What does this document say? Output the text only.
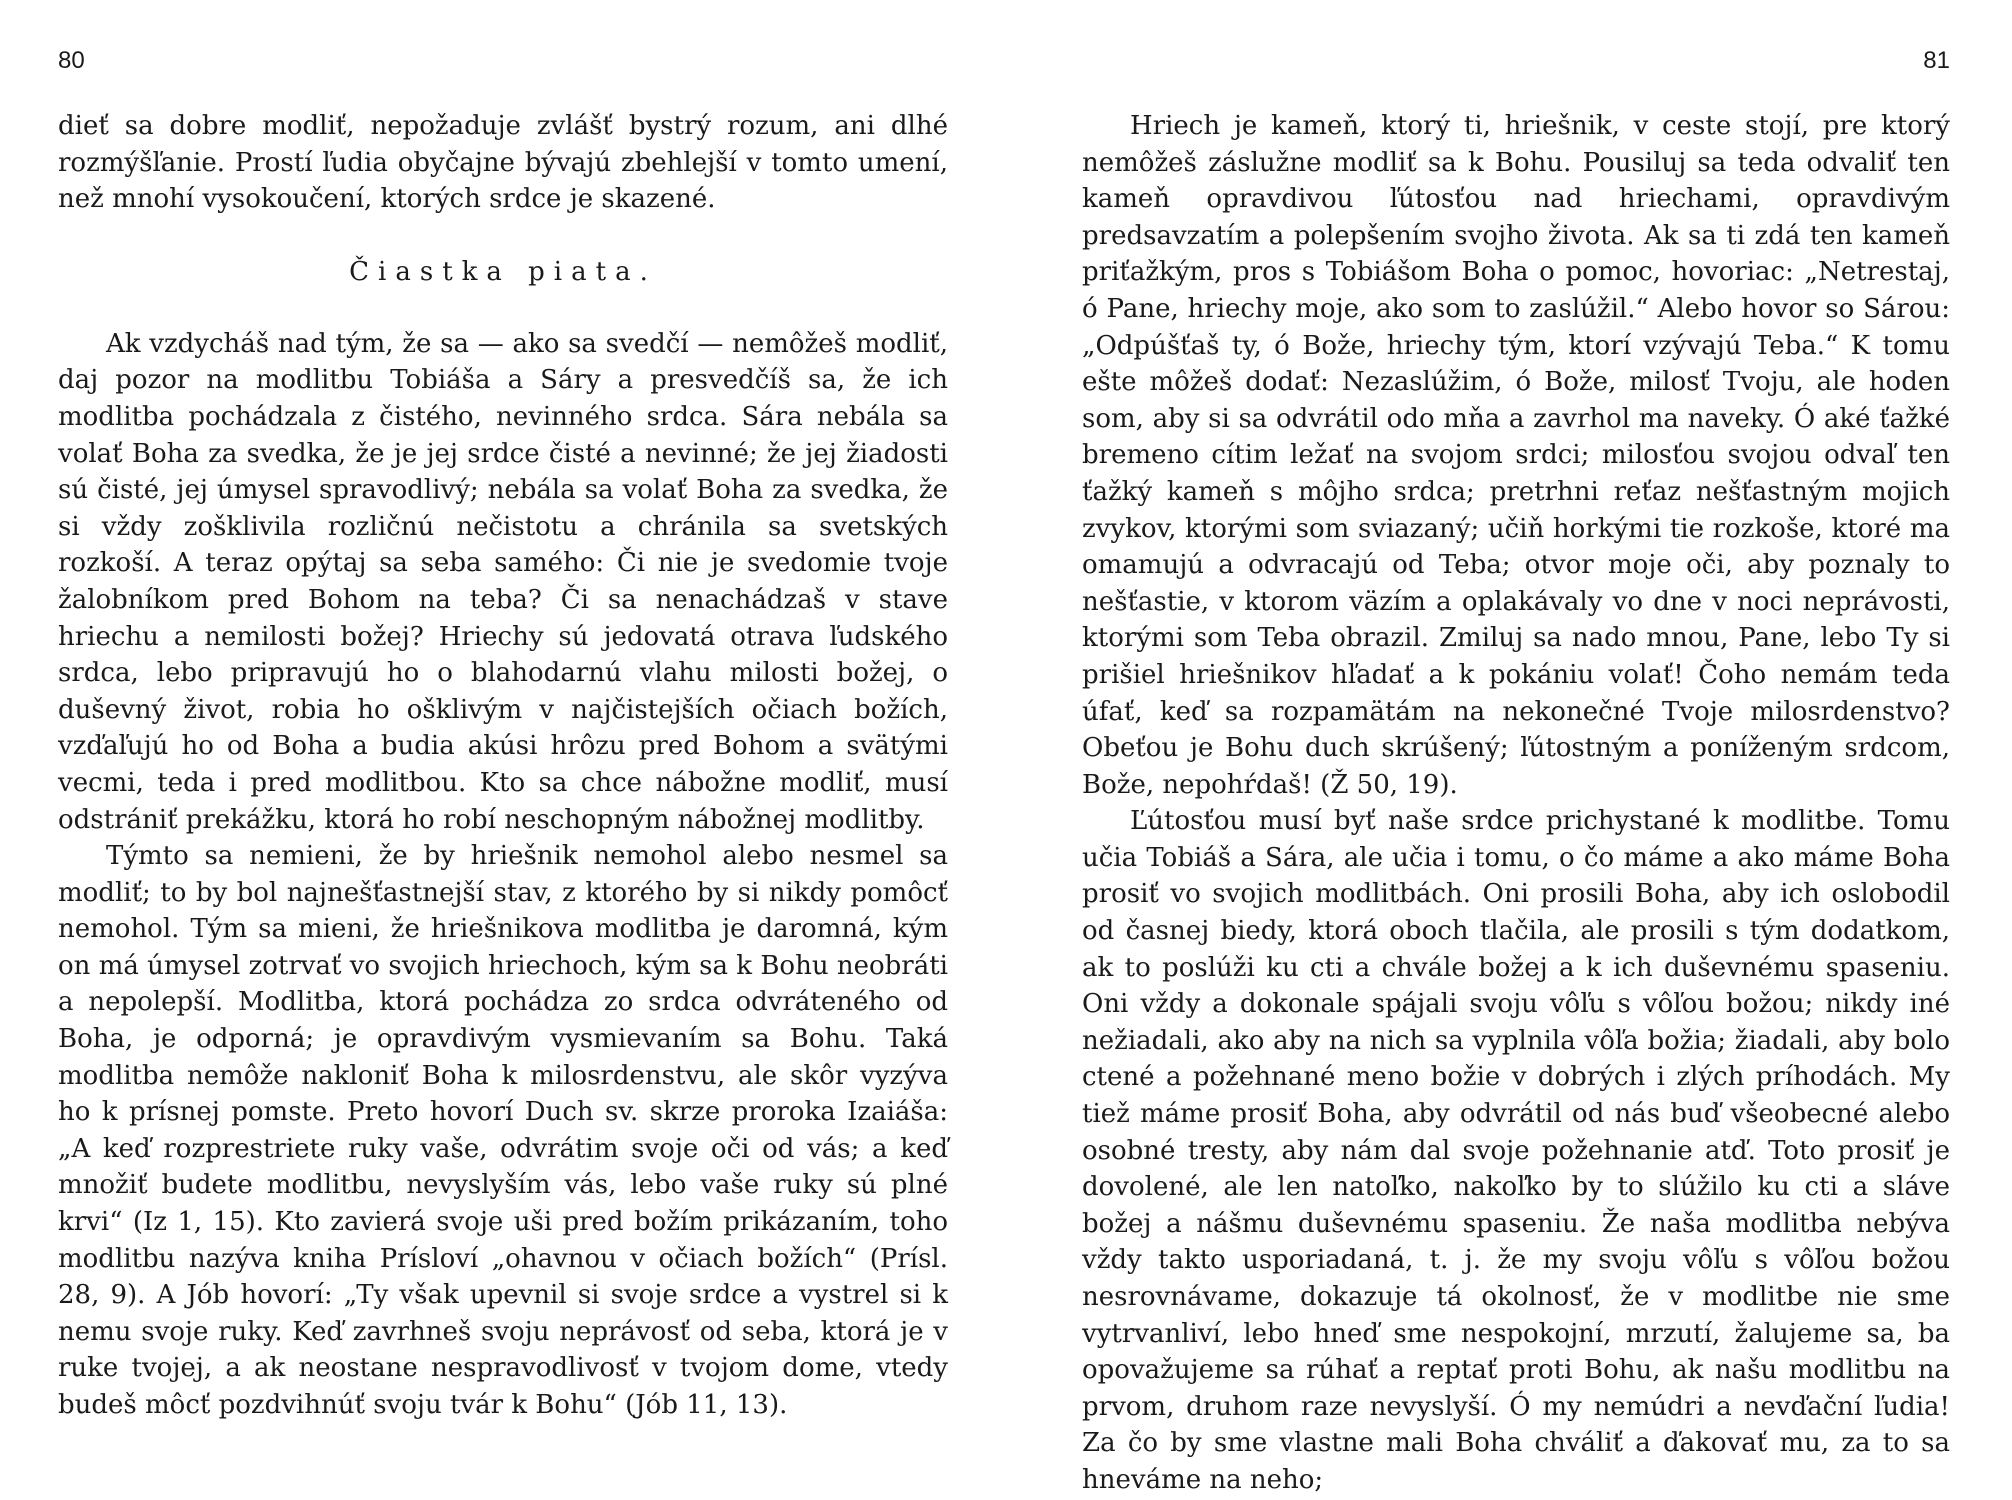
80

dieť sa dobre modliť, nepožaduje zvlášť bystrý rozum, ani dlhé rozmýšľanie. Prostí ľudia obyčajne bývajú zbehlejší v tomto umení, než mnohí vysokoučení, ktorých srdce je skazené.

Čiastka piata.

Ak vzdycháš nad tým, že sa — ako sa svedčí — nemôžeš modliť, daj pozor na modlitbu Tobiáša a Sáry a presvedčíš sa, že ich modlitba pochádzala z čistého, nevinného srdca. Sára nebála sa volať Boha za svedka, že je jej srdce čisté a nevinné; že jej žiadosti sú čisté, jej úmysel spravodlivý; nebála sa volať Boha za svedka, že si vždy zošklivila rozličnú nečistotu a chránila sa svetských rozkoší. A teraz opýtaj sa seba samého: Či nie je svedomie tvoje žalobníkom pred Bohom na teba? Či sa nenachádzaš v stave hriechu a nemilosti božej? Hriechy sú jedovatá otrava ľudského srdca, lebo pripravujú ho o blahodarnú vlahu milosti božej, o duševný život, robia ho ošklivým v najčistejších očiach božích, vzďaľujú ho od Boha a budia akúsi hrôzu pred Bohom a svätými vecmi, teda i pred modlitbou. Kto sa chce nábožne modliť, musí odstrániť prekážku, ktorá ho robí neschopným nábožnej modlitby.

Týmto sa nemieni, že by hriešnik nemohol alebo nesmel sa modliť; to by bol najnešťastnejší stav, z ktorého by si nikdy pomôcť nemohol. Tým sa mieni, že hriešnikova modlitba je daromná, kým on má úmysel zotrvať vo svojich hriechoch, kým sa k Bohu neobráti a nepolepší. Modlitba, ktorá pochádza zo srdca odvráteného od Boha, je odporná; je opravdivým vysmievaním sa Bohu. Taká modlitba nemôže nakloniť Boha k milosrdenstvu, ale skôr vyzýva ho k prísnej pomste. Preto hovorí Duch sv. skrze proroka Izaiáša: „A keď rozprestriete ruky vaše, odvrátim svoje oči od vás; a keď množiť budete modlitbu, nevyslyším vás, lebo vaše ruky sú plné krvi“ (Iz 1, 15). Kto zavierá svoje uši pred božím prikázaním, toho modlitbu nazýva kniha Prísloví „ohavnou v očiach božích“ (Prísl. 28, 9). A Jób hovorí: „Ty však upevnil si svoje srdce a vystrel si k nemu svoje ruky. Keď zavrhneš svoju neprávosť od seba, ktorá je v ruke tvojej, a ak neostane nespravodlivosť v tvojom dome, vtedy budeš môcť pozdvihnúť svoju tvár k Bohu“ (Jób 11, 13).

81

Hriech je kameň, ktorý ti, hriešnik, v ceste stojí, pre ktorý nemôžeš záslužne modliť sa k Bohu. Pousiluj sa teda odvaliť ten kameň opravdivou ľútosťou nad hriechami, opravdivým predsavzatím a polepšením svojho života. Ak sa ti zdá ten kameň priťažkým, pros s Tobiášom Boha o pomoc, hovoriac: „Netrestaj, ó Pane, hriechy moje, ako som to zaslúžil.“ Alebo hovor so Sárou: „Odpúšťaš ty, ó Bože, hriechy tým, ktorí vzývajú Teba.“ K tomu ešte môžeš dodať: Nezaslúžim, ó Bože, milosť Tvoju, ale hoden som, aby si sa odvrátil odo mňa a zavrhol ma naveky. Ó aké ťažké bremeno cítim ležať na svojom srdci; milosťou svojou odvaľ ten ťažký kameň s môjho srdca; pretrhni reťaz nešťastným mojich zvykov, ktorými som sviazaný; učiň horkými tie rozkoše, ktoré ma omamujú a odvracajú od Teba; otvor moje oči, aby poznaly to nešťastie, v ktorom väzím a oplakávaly vo dne v noci neprávosti, ktorými som Teba obrazil. Zmiluj sa nado mnou, Pane, lebo Ty si prišiel hriešnikov hľadať a k pokániu volať! Čoho nemám teda úfať, keď sa rozpamätám na nekonečné Tvoje milosrdenstvo? Obeťou je Bohu duch skrúšený; ľútostným a poníženým srdcom, Bože, nepohŕdaš! (Ž 50, 19).

Ľútosťou musí byť naše srdce prichystané k modlitbe. Tomu učia Tobiáš a Sára, ale učia i tomu, o čo máme a ako máme Boha prosiť vo svojich modlitbách. Oni prosili Boha, aby ich oslobodil od časnej biedy, ktorá oboch tlačila, ale prosili s tým dodatkom, ak to poslúži ku cti a chvále božej a k ich duševnému spaseniu. Oni vždy a dokonale spájali svoju vôľu s vôľou božou; nikdy iné nežiadali, ako aby na nich sa vyplnila vôľa božia; žiadali, aby bolo ctené a požehnané meno božie v dobrých i zlých príhodách. My tiež máme prosiť Boha, aby odvrátil od nás buď všeobecné alebo osobné tresty, aby nám dal svoje požehnanie atď. Toto prosiť je dovolené, ale len natoľko, nakoľko by to slúžilo ku cti a sláve božej a nášmu duševnému spaseniu. Že naša modlitba nebýva vždy takto usporiadaná, t. j. že my svoju vôľu s vôľou božou nesrovnávame, dokazuje tá okolnosť, že v modlitbe nie sme vytrvanliví, lebo hneď sme nespokojní, mrzutí, žalujeme sa, ba opovažujeme sa rúhať a reptať proti Bohu, ak našu modlitbu na prvom, druhom raze nevyslyší. Ó my nemúdri a nevďační ľudia! Za čo by sme vlastne mali Boha chváliť a ďakovať mu, za to sa hneváme na neho;
